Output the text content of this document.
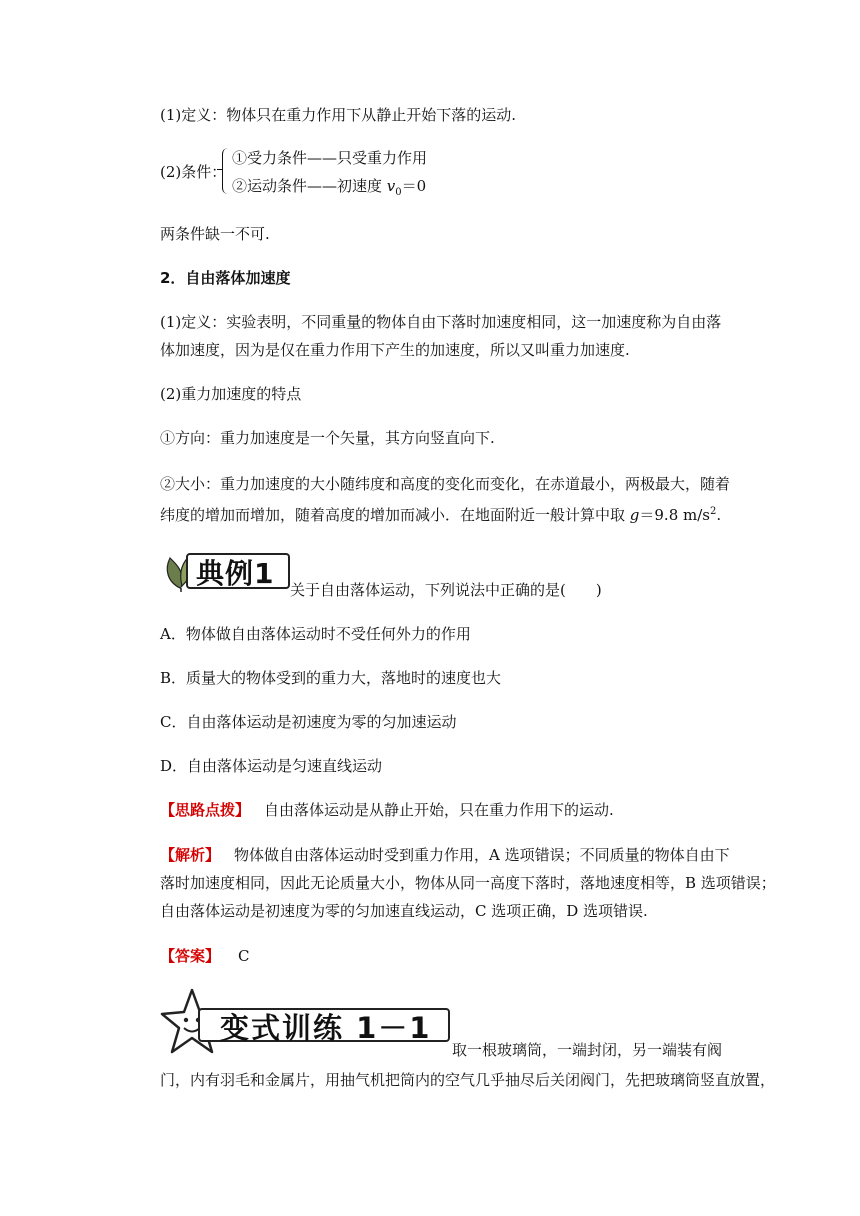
(1)定义：物体只在重力作用下从静止开始下落的运动.
(2)条件：
①受力条件——只受重力作用
②运动条件——初速度 $v_0=0$
两条件缺一不可.
2．自由落体加速度
(1)定义：实验表明，不同重量的物体自由下落时加速度相同，这一加速度称为自由落
体加速度，因为是仅在重力作用下产生的加速度，所以又叫重力加速度.
(2)重力加速度的特点
①方向：重力加速度是一个矢量，其方向竖直向下.
②大小：重力加速度的大小随纬度和高度的变化而变化，在赤道最小，两极最大，随着
纬度的增加而增加，随着高度的增加而减小．在地面附近一般计算中取 g＝9.8 $m/s^2$.
典例1 关于自由落体运动，下列说法中正确的是(　　)
A．物体做自由落体运动时不受任何外力的作用
B．质量大的物体受到的重力大，落地时的速度也大
C．自由落体运动是初速度为零的匀加速运动
D．自由落体运动是匀速直线运动
【思路点拨】 自由落体运动是从静止开始，只在重力作用下的运动.
【解析】 物体做自由落体运动时受到重力作用，A 选项错误；不同质量的物体自由下
落时加速度相同，因此无论质量大小，物体从同一高度下落时，落地速度相等，B 选项错误；
自由落体运动是初速度为零的匀加速直线运动，C 选项正确，D 选项错误.
【答案】 C
变式训练 1－1
取一根玻璃筒，一端封闭，另一端装有阀
门，内有羽毛和金属片，用抽气机把筒内的空气几乎抽尽后关闭阀门，先把玻璃筒竖直放置，
